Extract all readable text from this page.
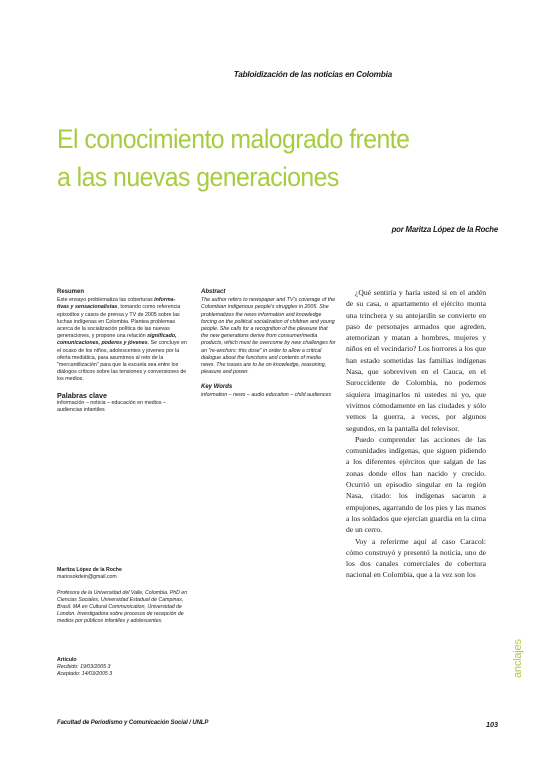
Tabloidización de las noticias en Colombia
El conocimiento malogrado frente
a las nuevas generaciones
por Maritza López de la Roche
Resumen
Este ensayo problematiza las coberturas informa-tivas y sensacionalistas, tomando como referencia episodios y casos de prensa y TV de 2005 sobre las luchas indígenas en Colombia. Plantea problemas acerca de la socialización política de las nuevas generaciones, y propone una relación significado, comunicaciones, poderes y jóvenes. Se concluye en el ocaso de los niños, adolescentes y jóvenes por la oferta mediática, para asumirnos al reto de la "mercantilización" para que la escuela sea entre los diálogos críticos sobre las tensiones y conversiones de los medios.
Palabras clave
información – noticia – educación en medios – audiencias infantiles
Abstract
The author refers to newspaper and TV's coverage of the Colombian indigenous people's struggles in 2005. She problematizes the news information and knowledge forcing on the political socialization of children and young people. She calls for a recognition of the pleasure that the new generations derive from consumer/media products, which must be overcome by new challenges for an "re-anchors: this dose" in order to allow a critical dialogue about the functions and contents of media news. The issues are to be on knowledge, reasoning, pleasure and power.
Key Words
information – news – audio education – child audiences
Maritza López de la Roche
mariosokdein@gmail.com
Profesora de la Universidad del Valle, Colombia. PhD en Ciencias Sociales, Universidad Estadual de Campinas, Brasil. MA en Cultural Communication, Universidad de London. Investigadora sobre procesos de recepción de medios por públicos infantiles y adolescentes.
Artículo
Recibido: 19/03/2005 3
Aceptado: 14/03/2005 3

¿Qué sentiría y haría usted si en el andén de su casa, o apartamento el ejército monta una trinchera y su antejardín se convierte en paso de personajes armados que agreden, atemorizan y matan a hombres, mujeres y niños en el vecindario? Los horrores a los que han estado sometidas las familias indígenas Nasa, que sobreviven en el Cauca, en el Suroccidente de Colombia, no podemos siquiera imaginarlos ni ustedes ni yo, que vivimos cómodamente en las ciudades y sólo vemos la guerra, a veces, por algunos segundos, en la pantalla del televisor.

Puedo comprender las acciones de las comunidades indígenas, que siguen pidiendo a los diferentes ejércitos que salgan de las zonas donde ellos han nacido y crecido. Ocurrió un episodio singular en la región Nasa, citado: los indígenas sacaron a empujones, agarrando de los pies y las manos a los soldados que ejercían guardia en la cima de un cerro.

Voy a referirme aquí al caso Caracol: cómo construyó y presentó la noticia, uno de los dos canales comerciales de cobertura nacional en Colombia, que a la vez son los

anclajes
Facultad de Periodismo y Comunicación Social / UNLP	103
